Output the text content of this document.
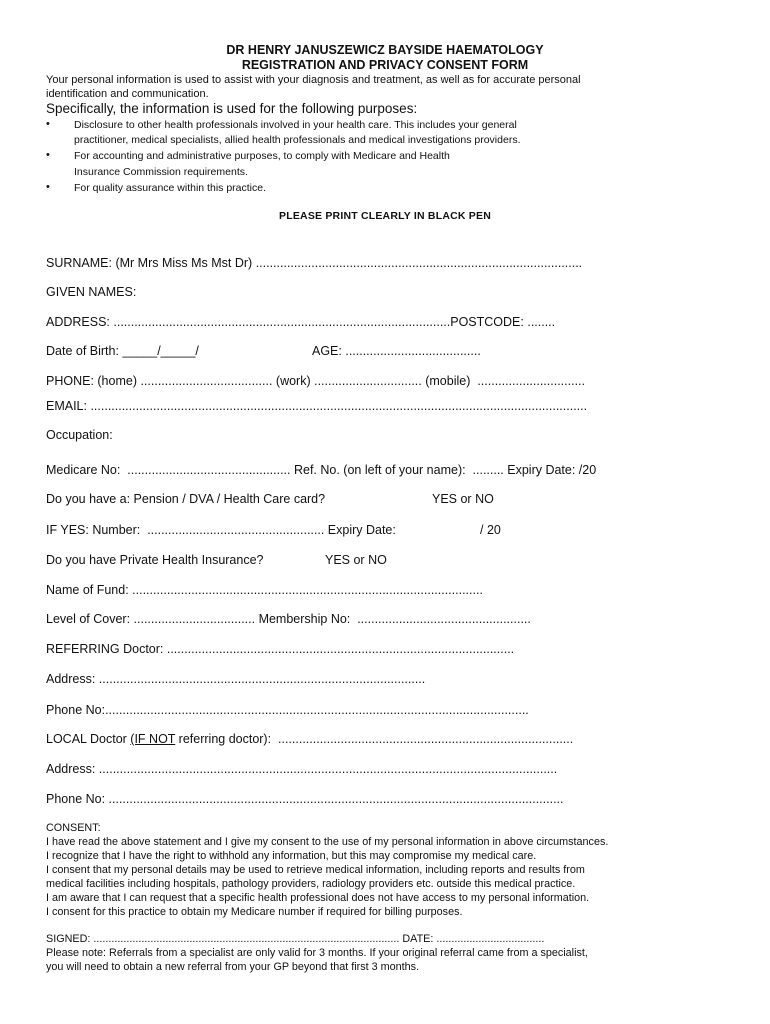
DR HENRY JANUSZEWICZ BAYSIDE HAEMATOLOGY
REGISTRATION AND PRIVACY CONSENT FORM
Your personal information is used to assist with your diagnosis and treatment, as well as for accurate personal
identification and communication.
Specifically, the information is used for the following purposes:
• Disclosure to other health professionals involved in your health care. This includes your general
practitioner, medical specialists, allied health professionals and medical investigations providers.
• For accounting and administrative purposes, to comply with Medicare and Health
Insurance Commission requirements.
• For quality assurance within this practice.
PLEASE PRINT CLEARLY IN BLACK PEN
SURNAME: (Mr Mrs Miss Ms Mst Dr) ..............................................................................................
GIVEN NAMES:
ADDRESS: .................................................................................................POSTCODE: ........
Date of Birth: _____/_____/	AGE: .......................................
PHONE: (home) ...................................... (work) ............................... (mobile)  ...............................
EMAIL: ...............................................................................................................................................
Occupation:
Medicare No:  ............................................... Ref. No. (on left of your name):  ......... Expiry Date: /20
Do you have a: Pension / DVA / Health Care card?	YES or NO
IF YES: Number:  ................................................... Expiry Date:	/ 20
Do you have Private Health Insurance?	YES or NO
Name of Fund: .....................................................................................................
Level of Cover: ................................... Membership No:  ..................................................
REFERRING Doctor: ....................................................................................................
Address: ..............................................................................................
Phone No:..........................................................................................................................
LOCAL Doctor (IF NOT referring doctor):  .....................................................................................
Address: ....................................................................................................................................
Phone No: ...................................................................................................................................
CONSENT:
I have read the above statement and I give my consent to the use of my personal information in above circumstances.
I recognize that I have the right to withhold any information, but this may compromise my medical care.
I consent that my personal details may be used to retrieve medical information, including reports and results from
medical facilities including hospitals, pathology providers, radiology providers etc. outside this medical practice.
I am aware that I can request that a specific health professional does not have access to my personal information.
I consent for this practice to obtain my Medicare number if required for billing purposes.
SIGNED: ...................................................................................................... DATE: ....................................
Please note: Referrals from a specialist are only valid for 3 months. If your original referral came from a specialist,
you will need to obtain a new referral from your GP beyond that first 3 months.
